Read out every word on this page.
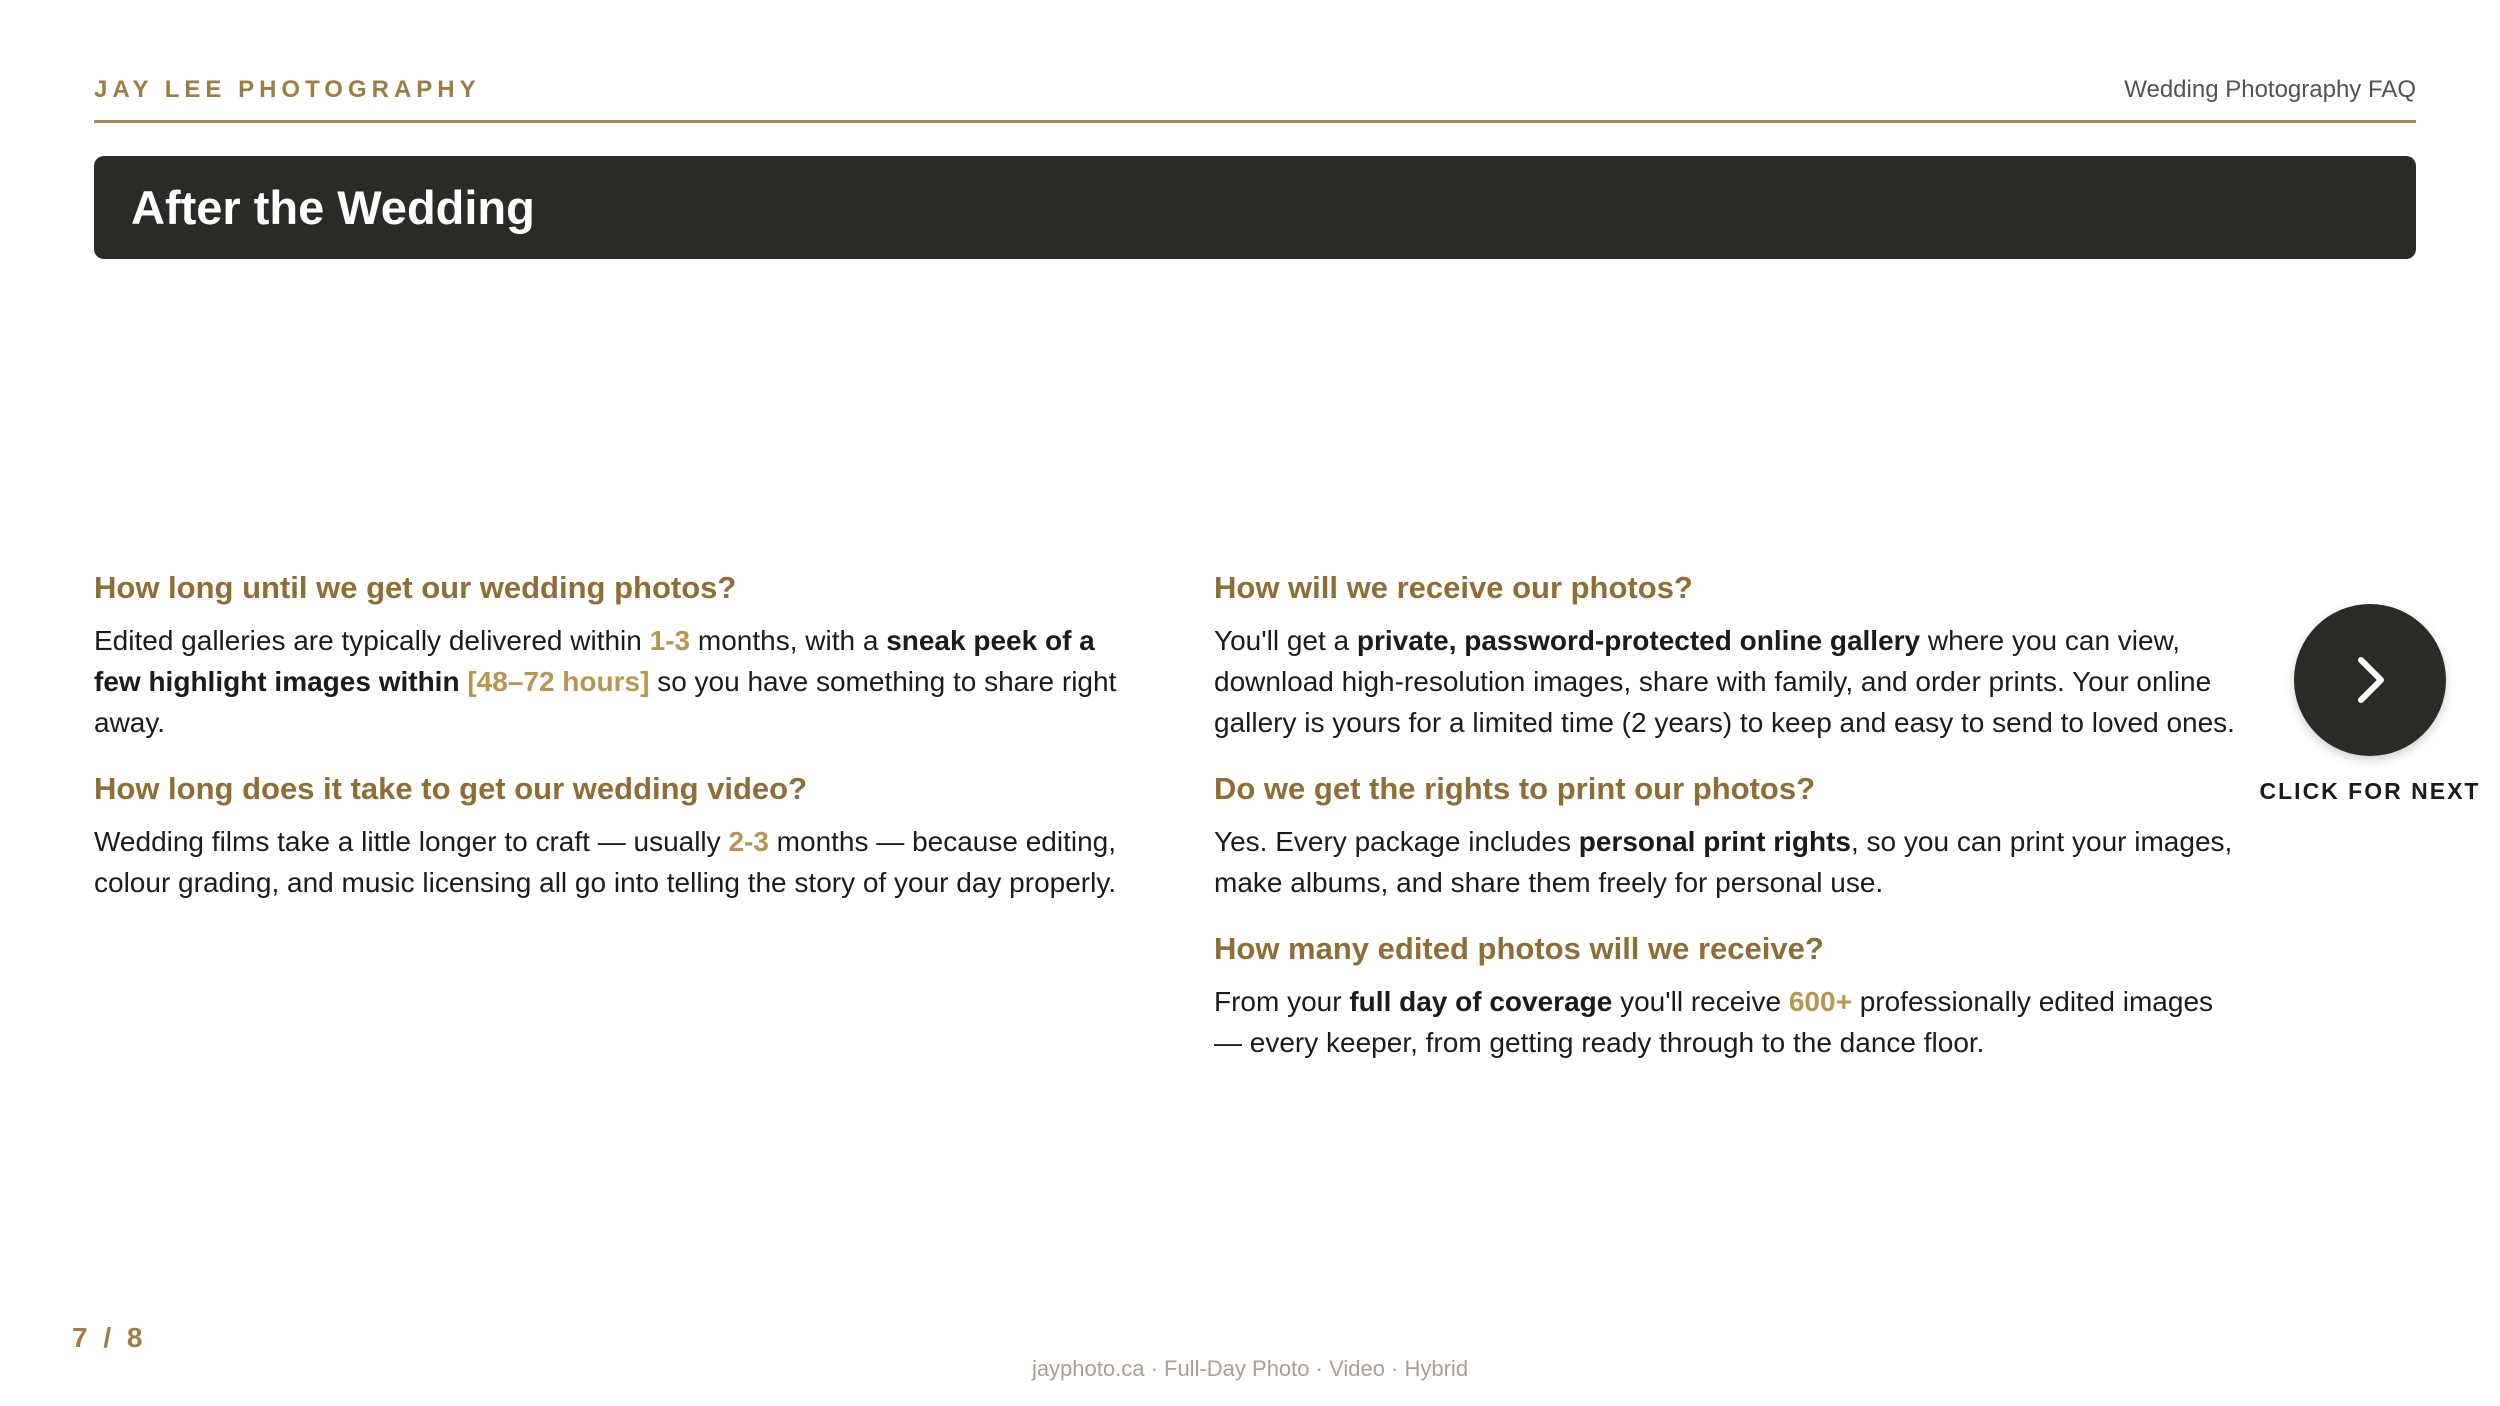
JAY LEE PHOTOGRAPHY	Wedding Photography FAQ
After the Wedding
How long until we get our wedding photos?

Edited galleries are typically delivered within 1-3 months, with a sneak peek of a few highlight images within [48–72 hours] so you have something to share right away.

How long does it take to get our wedding video?

Wedding films take a little longer to craft — usually 2-3 months — because editing, colour grading, and music licensing all go into telling the story of your day properly.

How will we receive our photos?

You'll get a private, password-protected online gallery where you can view, download high-resolution images, share with family, and order prints. Your online gallery is yours for a limited time (2 years) to keep and easy to send to loved ones.

Do we get the rights to print our photos?

Yes. Every package includes personal print rights, so you can print your images, make albums, and share them freely for personal use.

How many edited photos will we receive?

From your full day of coverage you'll receive 600+ professionally edited images — every keeper, from getting ready through to the dance floor.

CLICK FOR NEXT
7 / 8
jayphoto.ca · Full-Day Photo · Video · Hybrid
